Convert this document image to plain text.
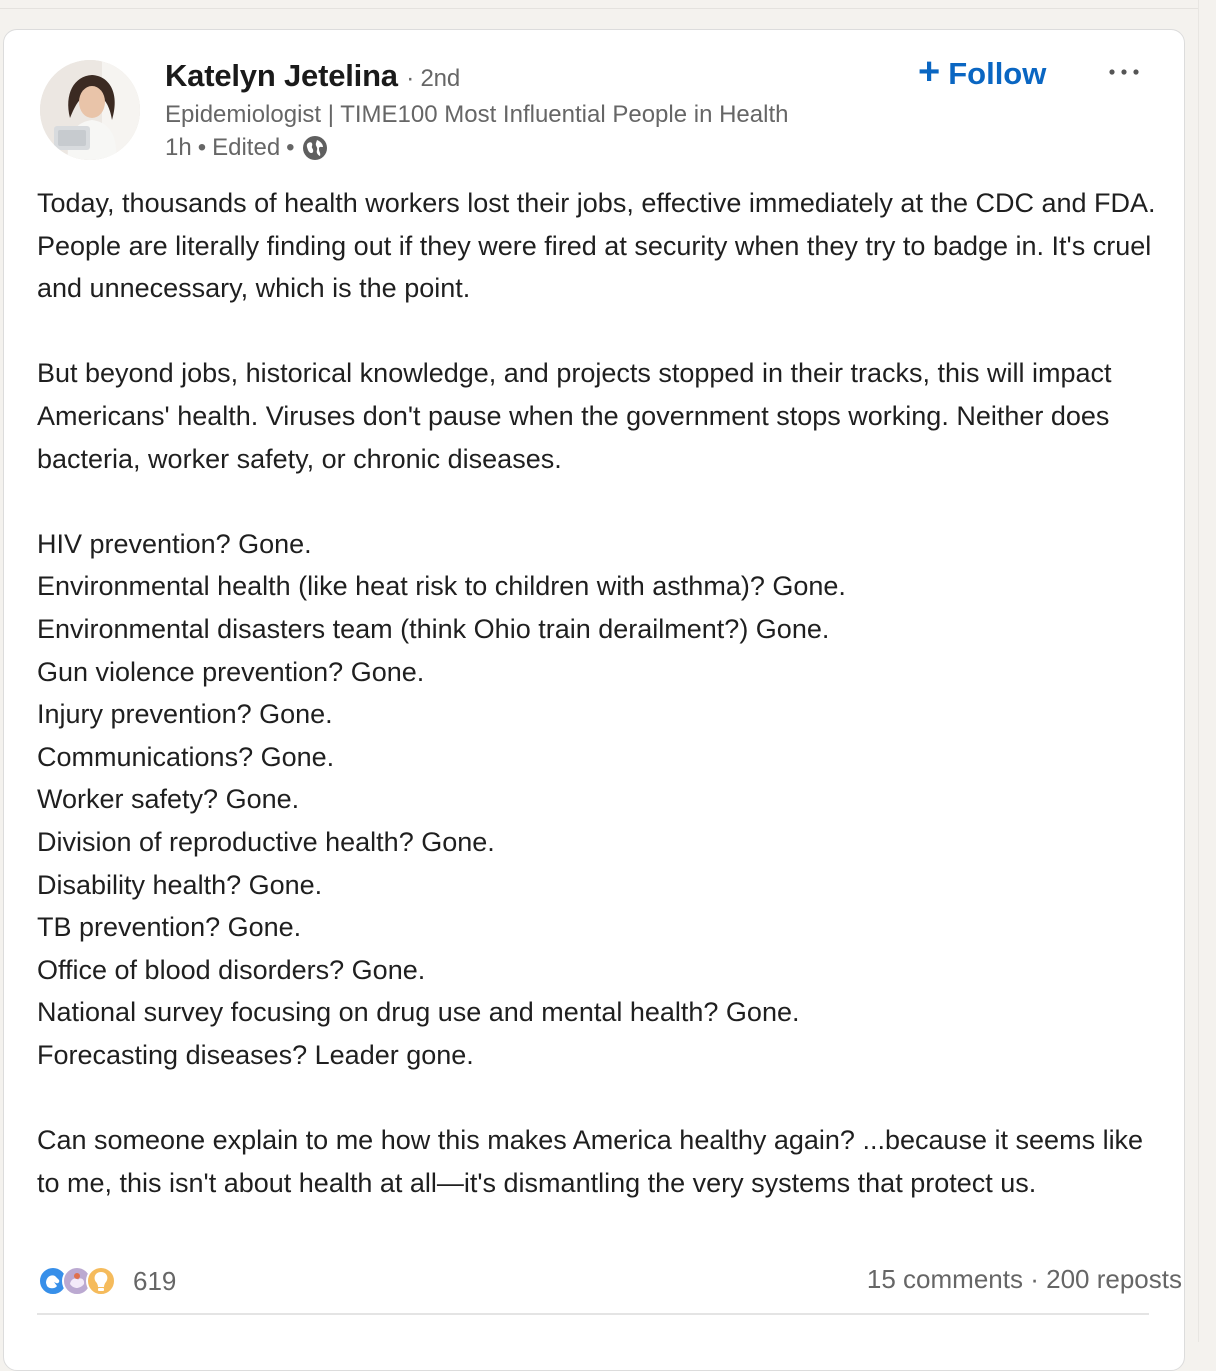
Katelyn Jetelina · 2nd
Epidemiologist | TIME100 Most Influential People in Health
1h • Edited •
+ Follow

Today, thousands of health workers lost their jobs, effective immediately at the CDC and FDA. People are literally finding out if they were fired at security when they try to badge in. It's cruel and unnecessary, which is the point.

But beyond jobs, historical knowledge, and projects stopped in their tracks, this will impact Americans' health. Viruses don't pause when the government stops working. Neither does bacteria, worker safety, or chronic diseases.

HIV prevention? Gone.

Environmental health (like heat risk to children with asthma)? Gone.

Environmental disasters team (think Ohio train derailment?) Gone.

Gun violence prevention? Gone.

Injury prevention? Gone.

Communications? Gone.

Worker safety? Gone.

Division of reproductive health? Gone.

Disability health? Gone.

TB prevention? Gone.

Office of blood disorders? Gone.

National survey focusing on drug use and mental health? Gone.

Forecasting diseases? Leader gone.

Can someone explain to me how this makes America healthy again? ...because it seems like to me, this isn't about health at all—it's dismantling the very systems that protect us.

619	15 comments · 200 reposts
